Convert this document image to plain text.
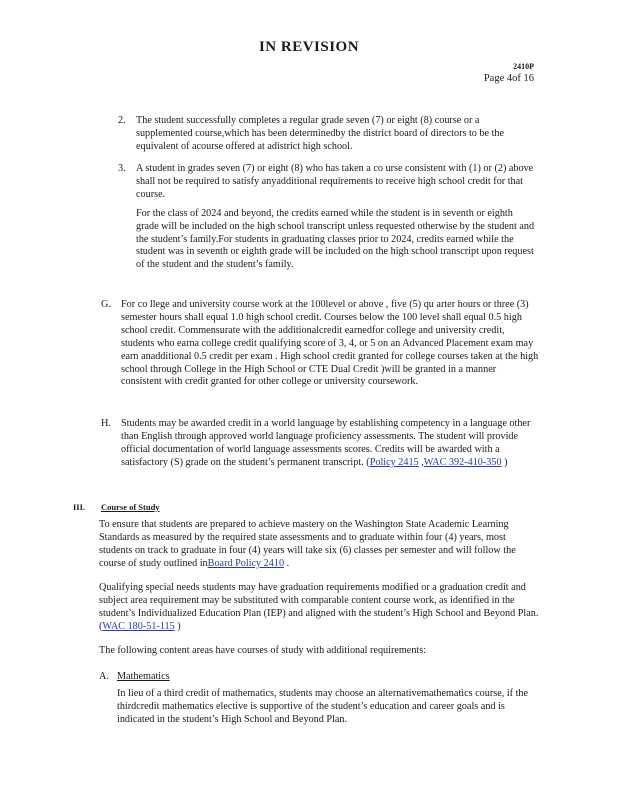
IN REVISION
2410P
Page 4of 16
2. The student successfully completes a regular grade seven (7) or eight (8) course or a supplemented course,which has been determinedby the district board of directors to be the equivalent of acourse offered at adistrict high school.

3. A student in grades seven (7) or eight (8) who has taken a co urse consistent with (1) or (2) above shall not be required to satisfy anyadditional requirements to receive high school credit for that course.

For the class of 2024 and beyond, the credits earned while the student is in seventh or eighth grade will be included on the high school transcript unless requested otherwise by the student and the student’s family.For students in graduating classes prior to 2024, credits earned while the student was in seventh or eighth grade will be included on the high school transcript upon request of the student and the student’s family.

G. For co llege and university course work at the 100level or above , five (5) qu arter hours or three (3) semester hours shall equal 1.0 high school credit. Courses below the 100 level shall equal 0.5 high school credit. Commensurate with the additionalcredit earnedfor college and university credit, students who earna college credit qualifying score of 3, 4, or 5 on an Advanced Placement exam may earn anadditional 0.5 credit per exam . High school credit granted for college courses taken at the high school through College in the High School or CTE Dual Credit )will be granted in a manner consistent with credit granted for other college or university coursework.

H. Students may be awarded credit in a world language by establishing competency in a language other than English through approved world language proficiency assessments. The student will provide official documentation of world language assessments scores. Credits will be awarded with a satisfactory (S) grade on the student’s permanent transcript. (Policy 2415 ,WAC 392-410-350 )

III. Course of Study

To ensure that students are prepared to achieve mastery on the Washington State Academic Learning Standards as measured by the required state assessments and to graduate within four (4) years, most students on track to graduate in four (4) years will take six (6) classes per semester and will follow the course of study outlined inBoard Policy 2410 .

Qualifying special needs students may have graduation requirements modified or a graduation credit and subject area requirement may be substituted with comparable content course work, as identified in the student’s Individualized Education Plan (IEP) and aligned with the student’s High School and Beyond Plan. (WAC 180-51-115 )

The following content areas have courses of study with additional requirements:

A. Mathematics

In lieu of a third credit of mathematics, students may choose an alternativemathematics course, if the thirdcredit mathematics elective is supportive of the student’s education and career goals and is indicated in the student’s High School and Beyond Plan.
